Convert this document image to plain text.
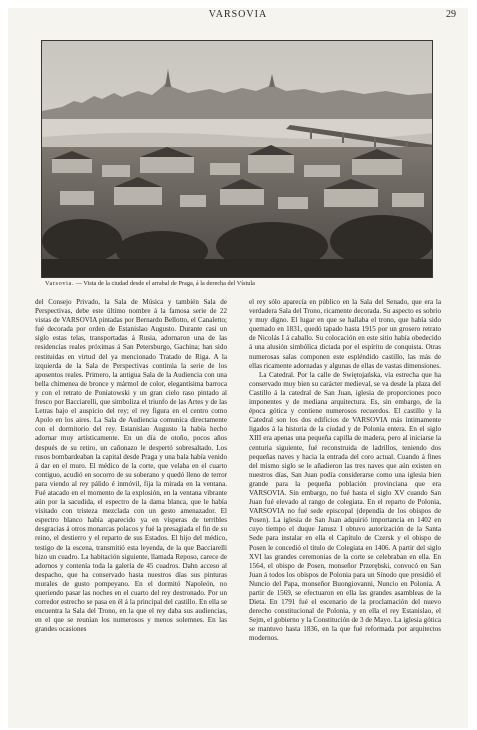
VARSOVIA	29
Varsovia. — Vista de la ciudad desde el arrabal de Praga, á la derecha del Vístula

del Consejo Privado, la Sala de Música y también Sala de Perspectivas, debe este último nombre á la famosa serie de 22 vistas de VARSOVIA pintadas por Bernardo Bellotto, el Canaletto; fué decorada por orden de Estanislao Augusto. Durante casi un siglo estas telas, transportadas á Rusia, adornaron una de las residencias reales próximas á San Petersburgo, Gachina; han sido restituidas en virtud del ya mencionado Tratado de Riga. A la izquierda de la Sala de Perspectivas continúa la serie de los aposentos reales. Primero, la antigua Sala de la Audiencia con una bella chimenea de bronce y mármol de color, elegantísima barroca y con el retrato de Poniatowski y un gran cielo raso pintado al fresco por Bacciarelli, que simboliza el triunfo de las Artes y de las Letras bajo el auspicio del rey; el rey figura en el centro como Apolo en los aires. La Sala de Audiencia comunica directamente con el dormitorio del rey. Estanislao Augusto la había hecho adornar muy artísticamente. En un día de otoño, pocos años después de su retiro, un cañonazo le despertó sobresaltado. Los rusos bombardeaban la capital desde Praga y una bala había venido á dar en el muro. El médico de la corte, que velaba en el cuarto contiguo, acudió en socorro de su soberano y quedó lleno de terror para viendo al rey pálido é inmóvil, fija la mirada en la ventana. Fué atacado en el momento de la explosión, en la ventana vibrante aún por la sacudida, el espectro de la dama blanca, que le había visitado con tristeza mezclada con un gesto amenazador. El espectro blanco había aparecido ya en vísperas de terribles desgracias á otros monarcas polacos y fué la presagiada el fin de su reino, el destierro y el reparto de sus Estados. El hijo del médico, testigo de la escena, transmitió esta leyenda, de la que Bacciarelli hizo un cuadro. La habitación siguiente, llamada Reposo, carece de adornos y contenía toda la galería de 45 cuadros. Dahn acceso al despacho, que ha conservado hasta nuestros días sus pinturas murales de gusto pompeyano. En el dormitó Napoleón, no queriendo pasar las noches en el cuarto del rey destronado. Por un corredor estrecho se pasa en él á la principal del castillo. En ella se encuentra la Sala del Trono, en la que el rey daba sus audiencias, en el que se reunían los numerosos y menos solemnes. En las grandes ocasiones

el rey sólo aparecía en público en la Sala del Senado, que era la verdadera Sala del Trono, ricamente decorada. Su aspecto es sobrio y muy digno. El lugar en que se hallaba el trono, que había sido quemado en 1831, quedó tapado hasta 1915 por un grosero retrato de Nicolás I á caballo. Su colocación en este sitio había obedecido á una alusión simbólica dictada por el espíritu de conquista. Otras numerosas salas componen este espléndido castillo, las más de ellas ricamente adornadas y algunas de ellas de vastas dimensiones.

La Catedral. Por la calle de Swiętojańska, vía estrecha que ha conservado muy bien su carácter medieval, se va desde la plaza del Castillo á la catedral de San Juan, iglesia de proporciones poco imponentes y de mediana arquitectura. Es, sin embargo, de la época gótica y contiene numerosos recuerdos. El castillo y la Catedral son los dos edificios de VARSOVIA más íntimamente ligados á la historia de la ciudad y de Polonia entera. En el siglo XIII era apenas una pequeña capilla de madera, pero al iniciarse la centuria siguiente, fué reconstruida de ladrillos, teniendo dos pequeñas naves y hacia la entrada del coro actual. Cuando á fines del mismo siglo se le añadieron las tres naves que aún existen en nuestros días, San Juan podía considerarse como una iglesia bien grande para la pequeña población provinciana que era VARSOVIA. Sin embargo, no fué hasta el siglo XV cuando San Juan fué elevado al rango de colegiata. En el reparto de Polonia, VARSOVIA no fué sede episcopal (dependía de los obispos de Posen). La iglesia de San Juan adquirió importancia en 1402 en cuyo tiempo el duque Janusz I obtuvo autorización de la Santa Sede para instalar en ella el Capítulo de Czersk y el obispo de Posen le concedió el título de Colegiata en 1406. A partir del siglo XVI las grandes ceremonias de la corte se celebraban en ella. En 1564, el obispo de Posen, monseñor Przerębski, convocó en San Juan á todos los obispos de Polonia para un Sínodo que presidió el Nuncio del Papa, monseñor Buongiovanni, Nuncio en Polonia. A partir de 1569, se efectuaron en ella las grandes asambleas de la Dieta. En 1791 fué el escenario de la proclamación del nuevo derecho constitucional de Polonia, y en ella el rey Estanislao, el Sejm, el gobierno y la Constitución de 3 de Mayo. La iglesia gótica se mantuvo hasta 1836, en la que fué reformada por arquitectos modernos.
